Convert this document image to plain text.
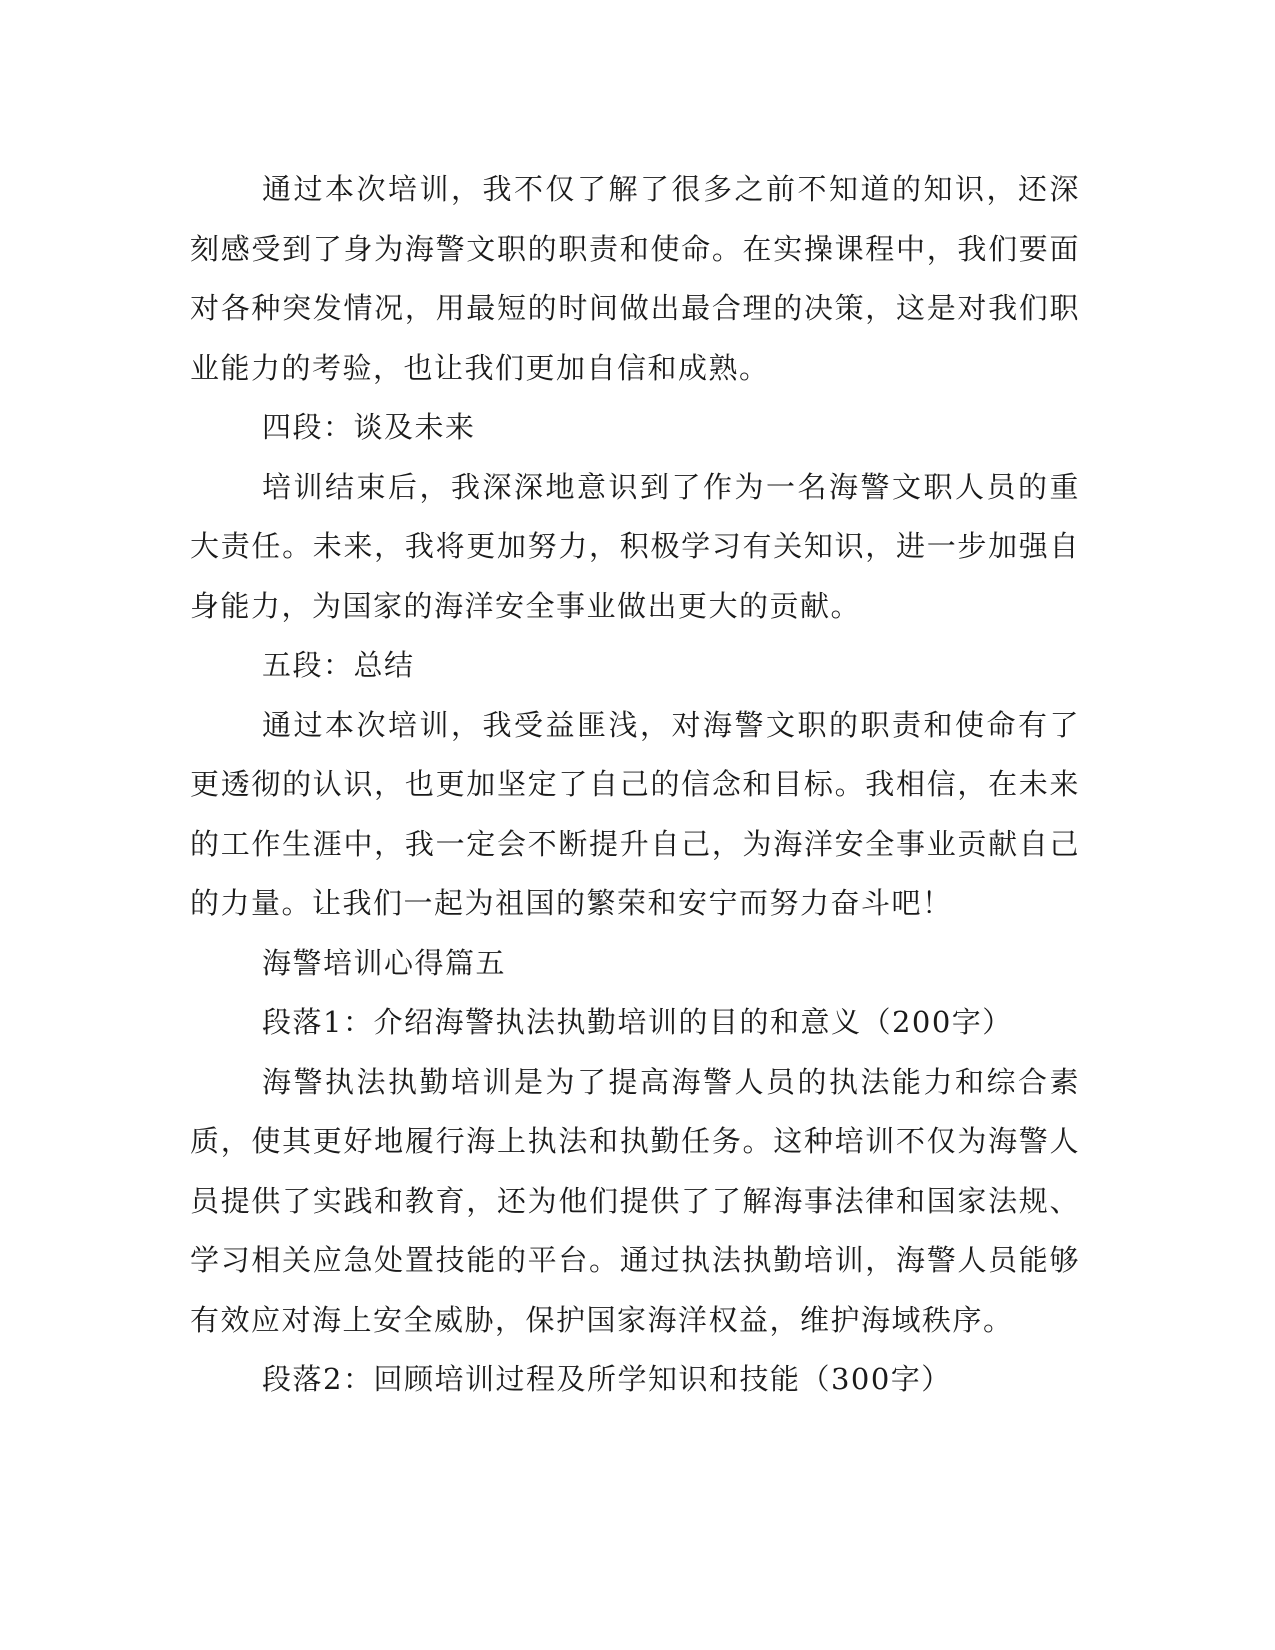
通过本次培训，我不仅了解了很多之前不知道的知识，还深刻感受到了身为海警文职的职责和使命。在实操课程中，我们要面对各种突发情况，用最短的时间做出最合理的决策，这是对我们职业能力的考验，也让我们更加自信和成熟。

四段：谈及未来

培训结束后，我深深地意识到了作为一名海警文职人员的重大责任。未来，我将更加努力，积极学习有关知识，进一步加强自身能力，为国家的海洋安全事业做出更大的贡献。

五段：总结

通过本次培训，我受益匪浅，对海警文职的职责和使命有了更透彻的认识，也更加坚定了自己的信念和目标。我相信，在未来的工作生涯中，我一定会不断提升自己，为海洋安全事业贡献自己的力量。让我们一起为祖国的繁荣和安宁而努力奋斗吧！

海警培训心得篇五

段落1：介绍海警执法执勤培训的目的和意义（200字）

海警执法执勤培训是为了提高海警人员的执法能力和综合素质，使其更好地履行海上执法和执勤任务。这种培训不仅为海警人员提供了实践和教育，还为他们提供了了解海事法律和国家法规、学习相关应急处置技能的平台。通过执法执勤培训，海警人员能够有效应对海上安全威胁，保护国家海洋权益，维护海域秩序。

段落2：回顾培训过程及所学知识和技能（300字）
